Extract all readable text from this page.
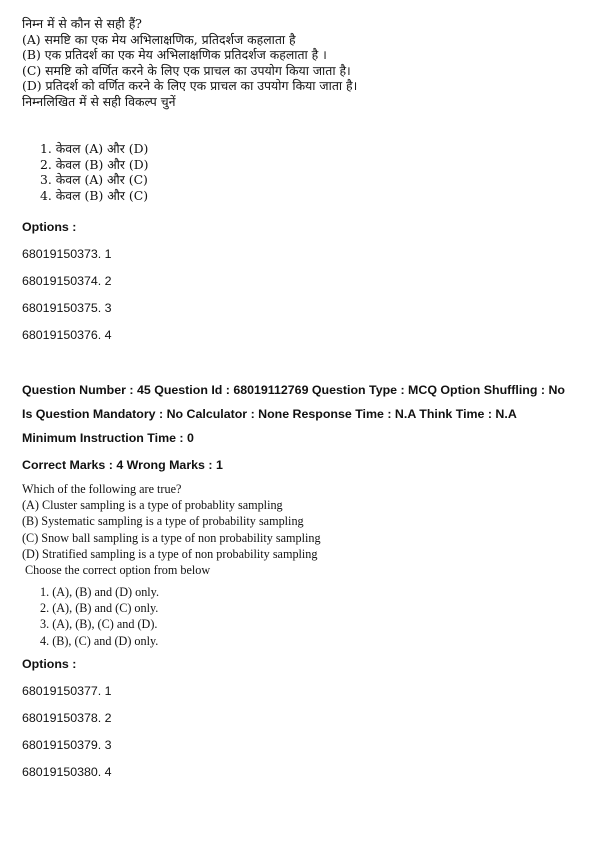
निम्न में से कौन से सही हैं?
(A) समष्टि का एक मेय अभिलाक्षणिक, प्रतिदर्शज कहलाता है
(B) एक प्रतिदर्श का एक मेय अभिलाक्षणिक प्रतिदर्शज कहलाता है ।
(C) समष्टि को वर्णित करने के लिए एक प्राचल का उपयोग किया जाता है।
(D) प्रतिदर्श को वर्णित करने के लिए एक प्राचल का उपयोग किया जाता है।
निम्नलिखित में से सही विकल्प चुनें
1. केवल (A) और (D)
2. केवल (B) और (D)
3. केवल (A) और (C)
4. केवल (B) और (C)
Options :
68019150373. 1
68019150374. 2
68019150375. 3
68019150376. 4
Question Number : 45 Question Id : 68019112769 Question Type : MCQ Option Shuffling : No
Is Question Mandatory : No Calculator : None Response Time : N.A Think Time : N.A
Minimum Instruction Time : 0
Correct Marks : 4 Wrong Marks : 1
Which of the following are true?
(A) Cluster sampling is a type of probablity sampling
(B) Systematic sampling is a type of probability sampling
(C) Snow ball sampling is a type of non probability sampling
(D) Stratified sampling is a type of non probability sampling
Choose the correct option from below
1. (A), (B) and (D) only.
2. (A), (B) and (C) only.
3. (A), (B), (C) and (D).
4. (B), (C) and (D) only.
Options :
68019150377. 1
68019150378. 2
68019150379. 3
68019150380. 4
